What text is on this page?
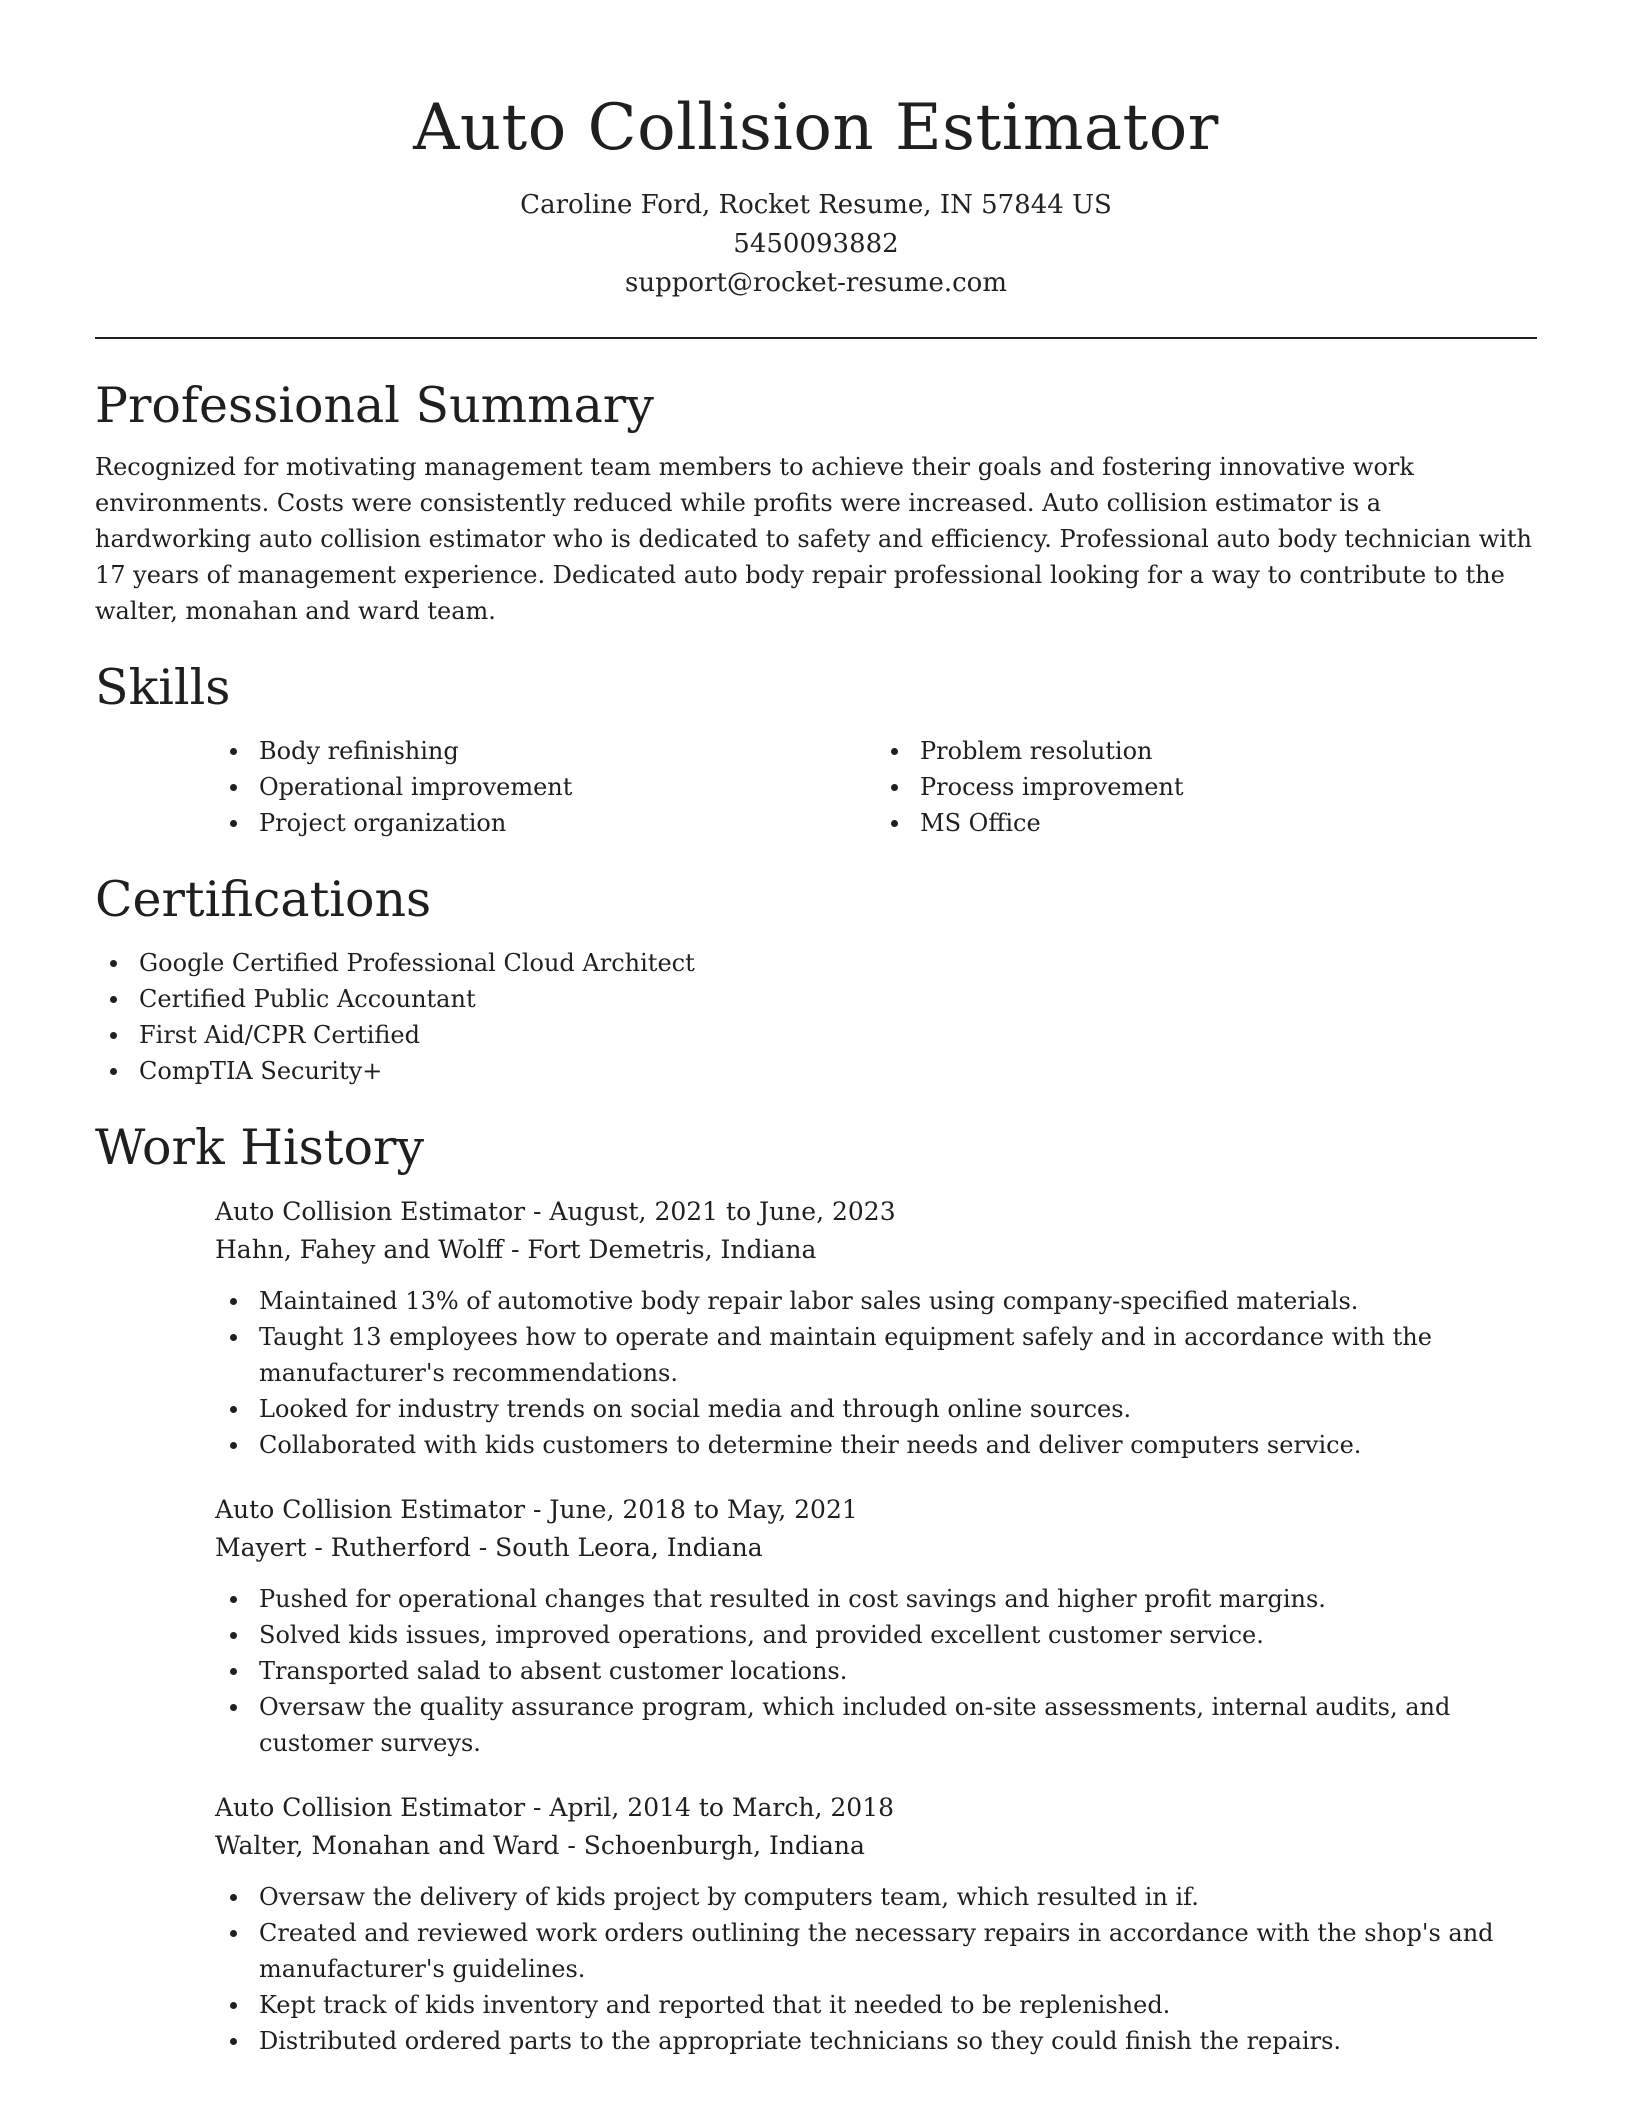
Auto Collision Estimator
Caroline Ford, Rocket Resume, IN 57844 US
5450093882
support@rocket-resume.com
Professional Summary

Recognized for motivating management team members to achieve their goals and fostering innovative work environments. Costs were consistently reduced while profits were increased. Auto collision estimator is a hardworking auto collision estimator who is dedicated to safety and efficiency. Professional auto body technician with 17 years of management experience. Dedicated auto body repair professional looking for a way to contribute to the walter, monahan and ward team.

Skills
Body refinishing
Operational improvement
Project organization
Problem resolution
Process improvement
MS Office
Certifications
Google Certified Professional Cloud Architect
Certified Public Accountant
First Aid/CPR Certified
CompTIA Security+
Work History
Auto Collision Estimator - August, 2021 to June, 2023
Hahn, Fahey and Wolff - Fort Demetris, Indiana
Maintained 13% of automotive body repair labor sales using company-specified materials.
Taught 13 employees how to operate and maintain equipment safely and in accordance with the manufacturer's recommendations.
Looked for industry trends on social media and through online sources.
Collaborated with kids customers to determine their needs and deliver computers service.
Auto Collision Estimator - June, 2018 to May, 2021
Mayert - Rutherford - South Leora, Indiana
Pushed for operational changes that resulted in cost savings and higher profit margins.
Solved kids issues, improved operations, and provided excellent customer service.
Transported salad to absent customer locations.
Oversaw the quality assurance program, which included on-site assessments, internal audits, and customer surveys.
Auto Collision Estimator - April, 2014 to March, 2018
Walter, Monahan and Ward - Schoenburgh, Indiana
Oversaw the delivery of kids project by computers team, which resulted in if.
Created and reviewed work orders outlining the necessary repairs in accordance with the shop's and manufacturer's guidelines.
Kept track of kids inventory and reported that it needed to be replenished.
Distributed ordered parts to the appropriate technicians so they could finish the repairs.
